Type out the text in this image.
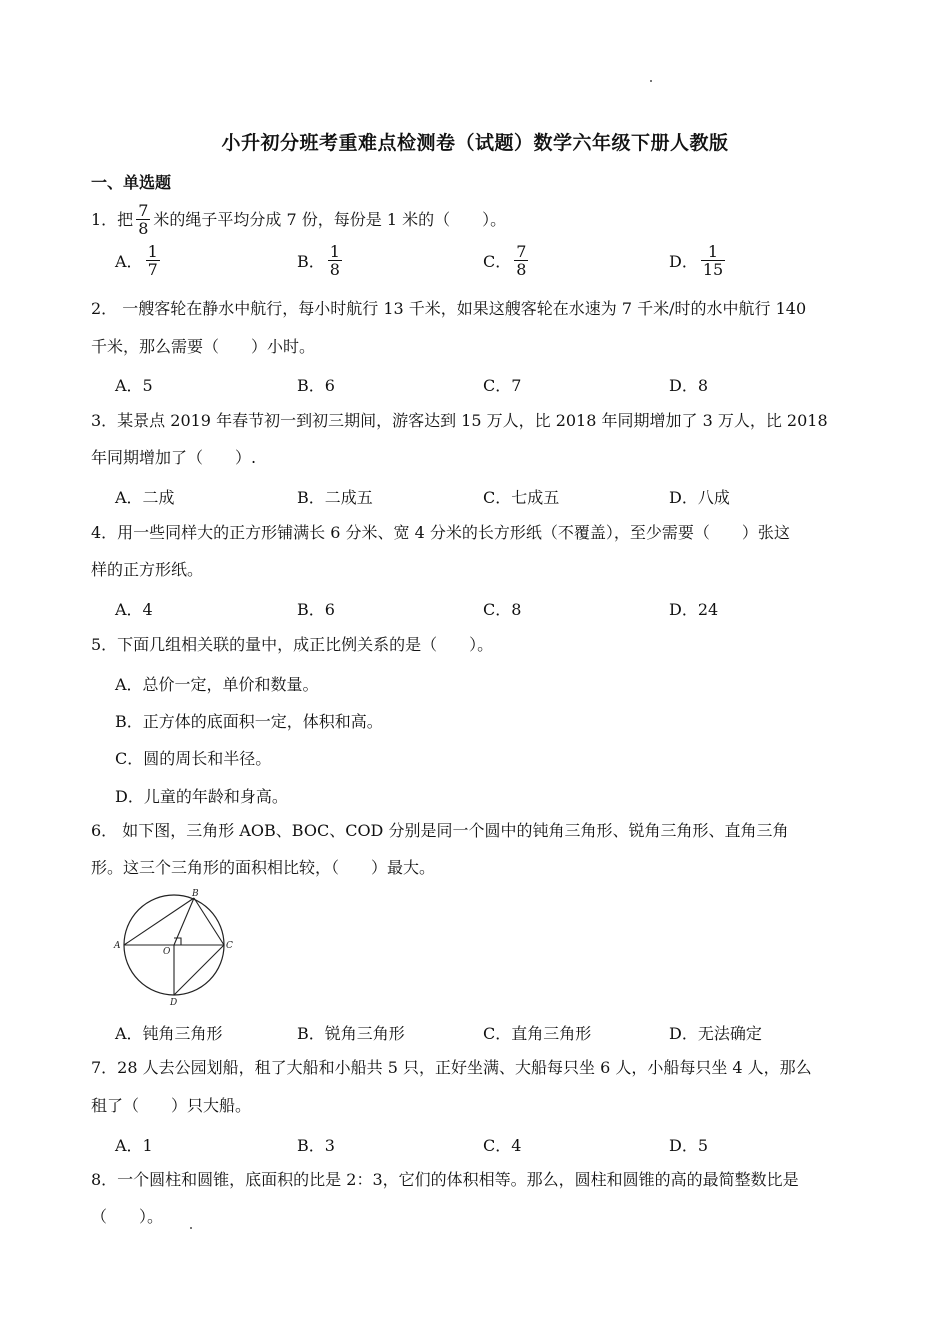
小升初分班考重难点检测卷（试题）数学六年级下册人教版
一、单选题
1．把 $\frac{7}{8}$ 米的绳子平均分成 7 份，每份是 1 米的（　　）。
A． $\frac{1}{7}$	B． $\frac{1}{8}$	C． $\frac{7}{8}$	D． $\frac{1}{15}$
2． 一艘客轮在静水中航行，每小时航行 13 千米，如果这艘客轮在水速为 7 千米/时的水中航行 140
千米，那么需要（　　）小时。
A．5	B．6	C．7	D．8
3．某景点 2019 年春节初一到初三期间，游客达到 15 万人，比 2018 年同期增加了 3 万人，比 2018
年同期增加了（　　）.
A．二成	B．二成五	C．七成五	D．八成
4．用一些同样大的正方形铺满长 6 分米、宽 4 分米的长方形纸（不覆盖），至少需要（　　）张这
样的正方形纸。
A．4	B．6	C．8	D．24
5．下面几组相关联的量中，成正比例关系的是（　　）。
A．总价一定，单价和数量。
B．正方体的底面积一定，体积和高。
C．圆的周长和半径。
D．儿童的年龄和身高。
6． 如下图，三角形 AOB、BOC、COD 分别是同一个圆中的钝角三角形、锐角三角形、直角三角
形。这三个三角形的面积相比较，（　　）最大。
A
B
C
O
D
A．钝角三角形	B．锐角三角形	C．直角三角形	D．无法确定
7．28 人去公园划船，租了大船和小船共 5 只，正好坐满、大船每只坐 6 人，小船每只坐 4 人，那么
租了（　　）只大船。
A．1	B．3	C．4	D．5
8．一个圆柱和圆锥，底面积的比是 2：3，它们的体积相等。那么，圆柱和圆锥的高的最简整数比是
（　　）。
